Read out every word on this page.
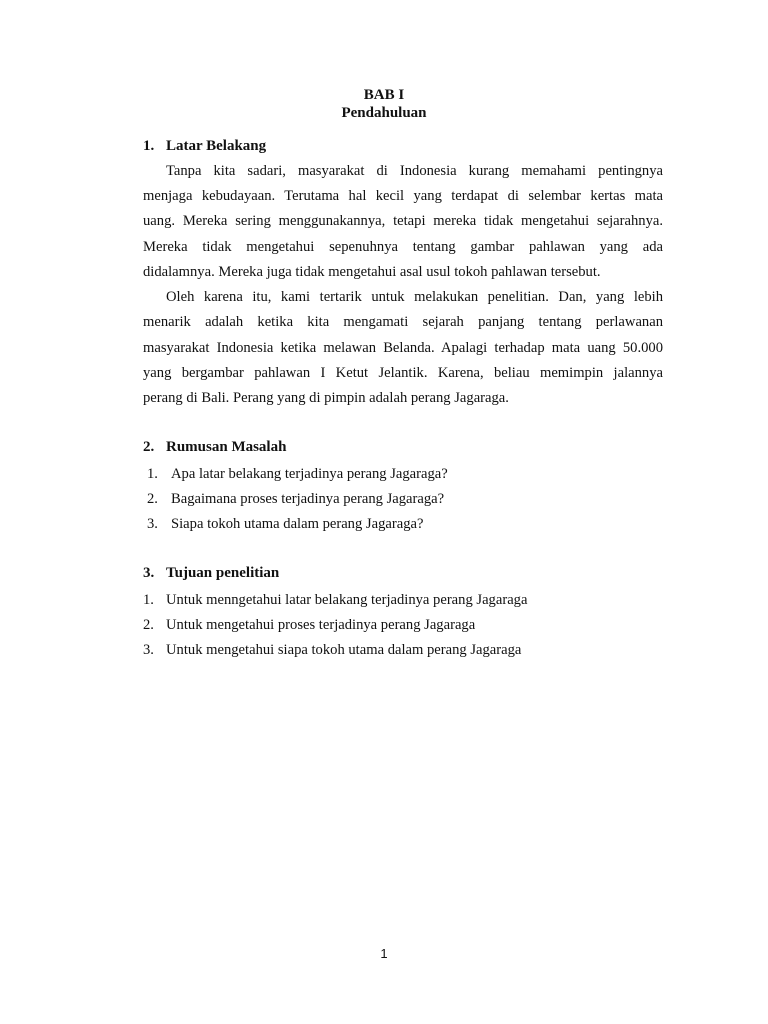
BAB I

Pendahuluan

1. Latar Belakang

Tanpa kita sadari, masyarakat di Indonesia kurang memahami pentingnya

menjaga kebudayaan. Terutama hal kecil yang terdapat di selembar kertas mata

uang. Mereka sering menggunakannya, tetapi mereka tidak mengetahui sejarahnya.

Mereka tidak mengetahui sepenuhnya tentang gambar pahlawan yang ada

didalamnya. Mereka juga tidak mengetahui asal usul tokoh pahlawan tersebut.

Oleh karena itu, kami tertarik untuk melakukan penelitian. Dan, yang lebih

menarik adalah ketika kita mengamati sejarah panjang tentang perlawanan

masyarakat Indonesia ketika melawan Belanda. Apalagi terhadap mata uang 50.000

yang bergambar pahlawan I Ketut Jelantik. Karena, beliau memimpin jalannya

perang di Bali. Perang yang di pimpin adalah perang Jagaraga.

2. Rumusan Masalah

1. Apa latar belakang terjadinya perang Jagaraga?

2. Bagaimana proses terjadinya perang Jagaraga?

3. Siapa tokoh utama dalam perang Jagaraga?

3. Tujuan penelitian

1. Untuk menngetahui latar belakang terjadinya perang Jagaraga

2. Untuk mengetahui proses terjadinya perang Jagaraga

3. Untuk mengetahui siapa tokoh utama dalam perang Jagaraga

1
